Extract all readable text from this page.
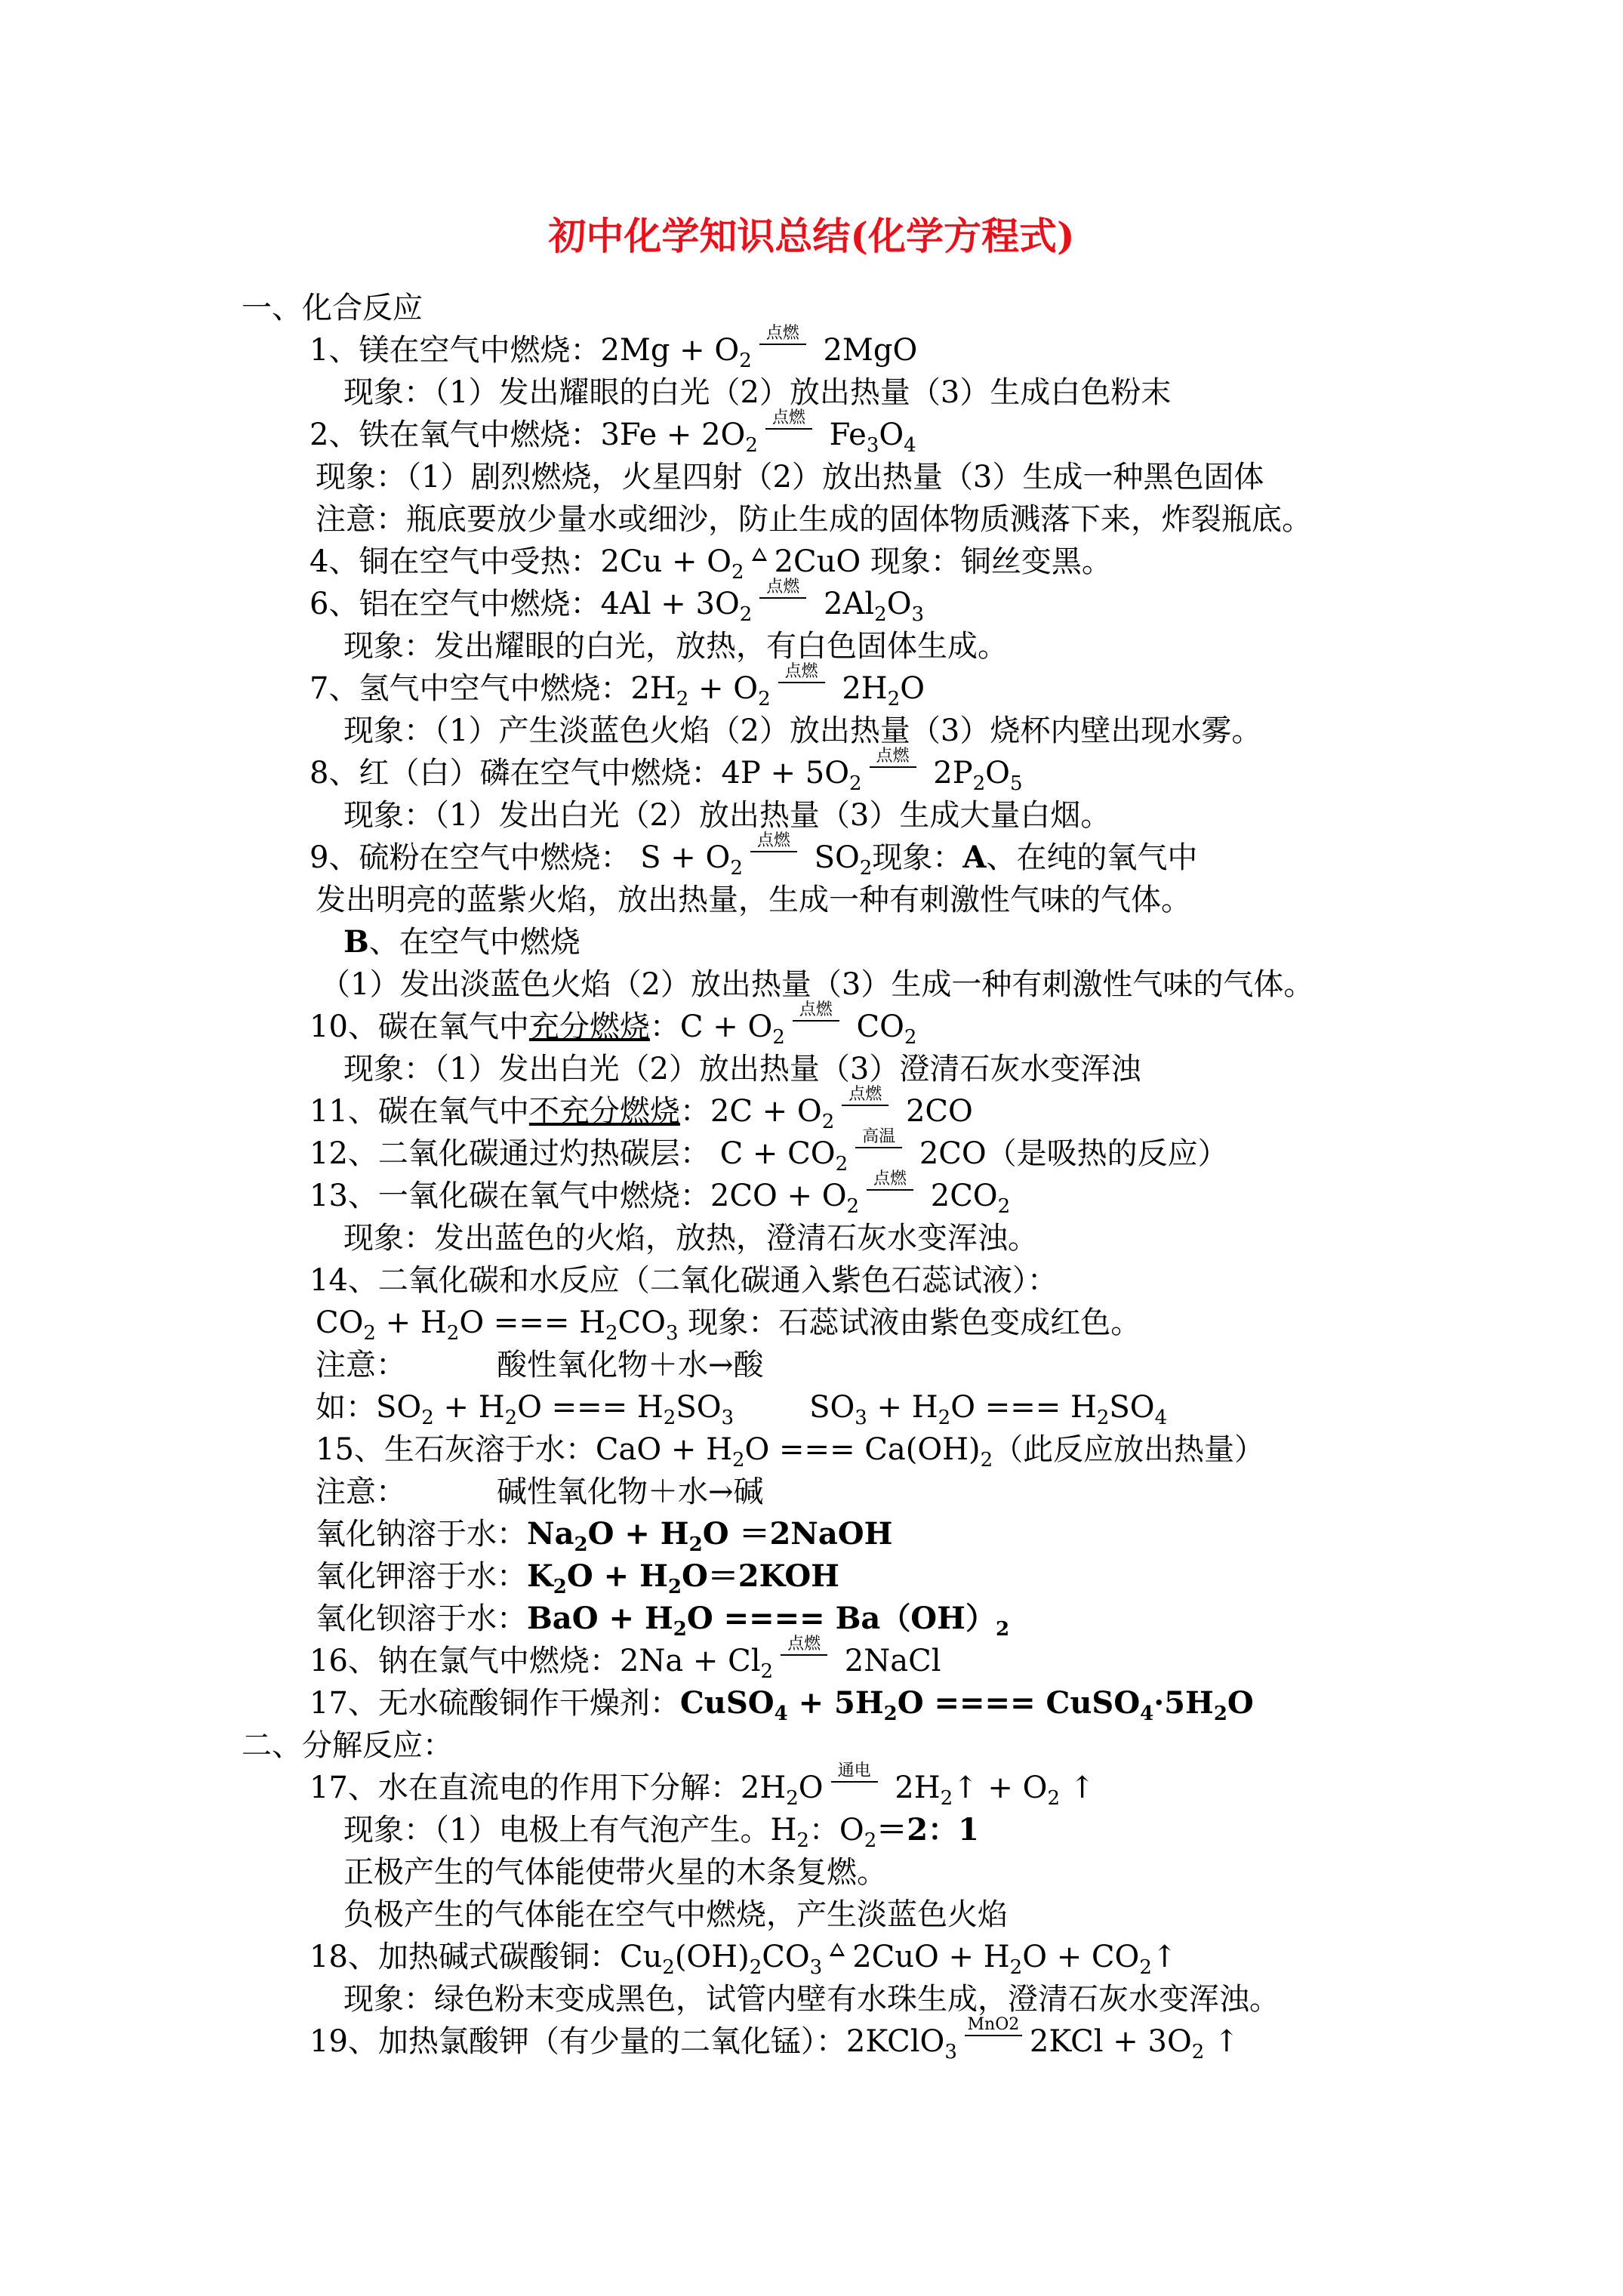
初中化学知识总结(化学方程式)
一、化合反应
1、镁在空气中燃烧：$2Mg + O_2$
点燃 2MgO
现象：（1）发出耀眼的白光（2）放出热量（3）生成白色粉末
2、铁在氧气中燃烧：$3Fe + 2O_2$
点燃 $Fe_3O_4$
现象：（1）剧烈燃烧，火星四射（2）放出热量（3）生成一种黑色固体
注意：瓶底要放少量水或细沙，防止生成的固体物质溅落下来，炸裂瓶底。
4、铜在空气中受热：$2Cu + O_2$ 2CuO 现象：铜丝变黑。
6、铝在空气中燃烧：$4Al + 3O_2$
点燃 $2Al_2O_3$
现象：发出耀眼的白光，放热，有白色固体生成。
7、氢气中空气中燃烧：$2H_2 + O_2$
点燃 $2H_2O$
现象：（1）产生淡蓝色火焰（2）放出热量（3）烧杯内壁出现水雾。
8、红（白）磷在空气中燃烧：$4P + 5O_2$
点燃 $2P_2O_5$
现象：（1）发出白光（2）放出热量（3）生成大量白烟。
9、硫粉在空气中燃烧： $S + O_2$
点燃 $SO_2$现象：A、在纯的氧气中
发出明亮的蓝紫火焰，放出热量，生成一种有刺激性气味的气体。
B、在空气中燃烧
（1）发出淡蓝色火焰（2）放出热量（3）生成一种有刺激性气味的气体。
10、碳在氧气中充分燃烧：$C + O_2$
点燃 $CO_2$
现象：（1）发出白光（2）放出热量（3）澄清石灰水变浑浊
11、碳在氧气中不充分燃烧：$2C + O_2$
点燃 2CO
12、二氧化碳通过灼热碳层： $C + CO_2$
高温 2CO（是吸热的反应）
13、一氧化碳在氧气中燃烧：$2CO + O_2$
点燃 $2CO_2$
现象：发出蓝色的火焰，放热，澄清石灰水变浑浊。
14、二氧化碳和水反应（二氧化碳通入紫色石蕊试液）：
$CO_2 + H_2O$ === $H_2CO_3$ 现象：石蕊试液由紫色变成红色。
注意：	酸性氧化物＋水→酸
如：$SO_2 + H_2O$ === $H_2SO_3$	$SO_3 + H_2O$ === $H_2SO_4$
15、生石灰溶于水：CaO + $H_2O$ === $Ca(OH)_2$（此反应放出热量）
注意：	碱性氧化物＋水→碱
氧化钠溶于水：$Na_2O + H_2O$ ＝2NaOH
氧化钾溶于水：$K_2O + H_2O=2KOH$
氧化钡溶于水：BaO + $H_2O$ ==== $Ba(OH)_2$
16、钠在氯气中燃烧：$2Na + Cl_2$
点燃 2NaCl
17、无水硫酸铜作干燥剂：CuSO$_4$ + $5H_2O$ ==== $CuSO_4\cdot 5H_2O$
二、分解反应：
17、水在直流电的作用下分解：$2H_2O$ 通电 $2H_2↑ + O_2$ ↑
现象：（1）电极上有气泡产生。$H_2$：$O_2=2$：1
正极产生的气体能使带火星的木条复燃。
负极产生的气体能在空气中燃烧，产生淡蓝色火焰
18、加热碱式碳酸铜：$Cu_2(OH)_2CO_3$ $2CuO + H_2O$ + $CO_2↑$
现象：绿色粉末变成黑色，试管内壁有水珠生成，澄清石灰水变浑浊。
19、加热氯酸钾（有少量的二氧化锰）：2KClO$_3$
MnO2 $2KCl + 3O_2$ ↑
